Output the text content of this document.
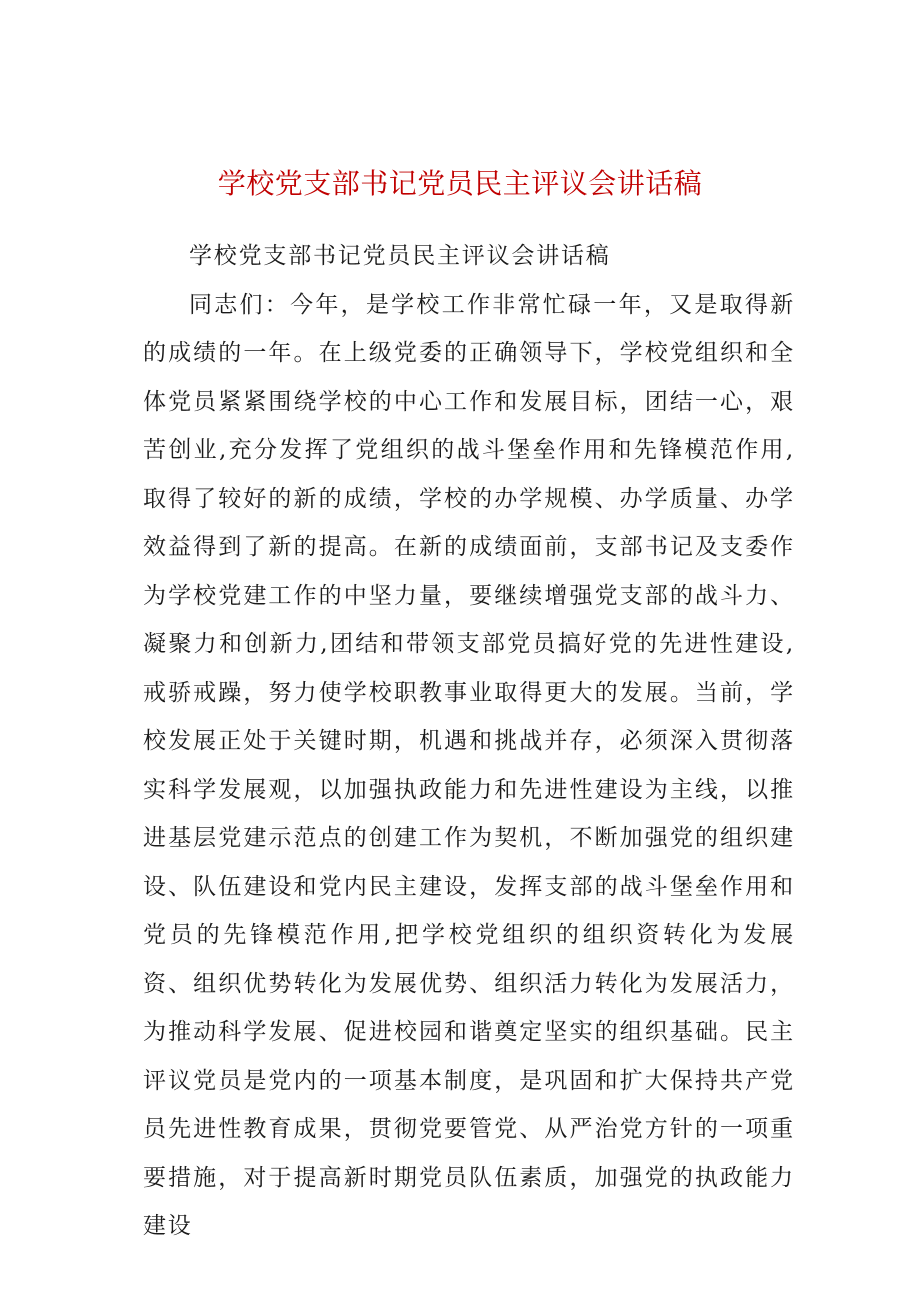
学校党支部书记党员民主评议会讲话稿

学校党支部书记党员民主评议会讲话稿

同志们：今年，是学校工作非常忙碌一年，又是取得新的成绩的一年。在上级党委的正确领导下，学校党组织和全体党员紧紧围绕学校的中心工作和发展目标，团结一心，艰苦创业,充分发挥了党组织的战斗堡垒作用和先锋模范作用,取得了较好的新的成绩，学校的办学规模、办学质量、办学效益得到了新的提高。在新的成绩面前，支部书记及支委作为学校党建工作的中坚力量，要继续增强党支部的战斗力、凝聚力和创新力,团结和带领支部党员搞好党的先进性建设,戒骄戒躁，努力使学校职教事业取得更大的发展。当前，学校发展正处于关键时期，机遇和挑战并存，必须深入贯彻落实科学发展观，以加强执政能力和先进性建设为主线，以推进基层党建示范点的创建工作为契机，不断加强党的组织建设、队伍建设和党内民主建设，发挥支部的战斗堡垒作用和党员的先锋模范作用,把学校党组织的组织资转化为发展资、组织优势转化为发展优势、组织活力转化为发展活力，为推动科学发展、促进校园和谐奠定坚实的组织基础。民主评议党员是党内的一项基本制度，是巩固和扩大保持共产党员先进性教育成果，贯彻党要管党、从严治党方针的一项重要措施，对于提高新时期党员队伍素质，加强党的执政能力建设
